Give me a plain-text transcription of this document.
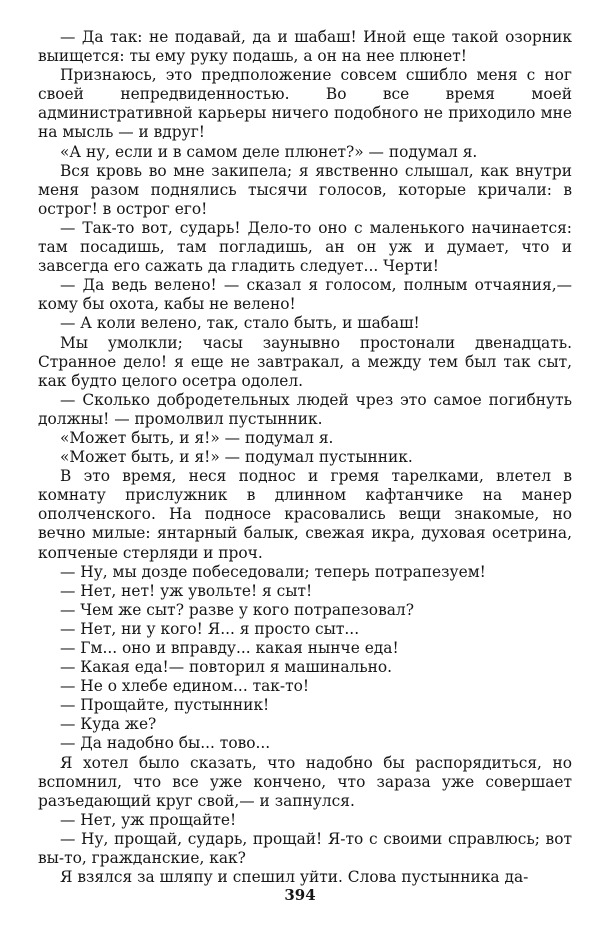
— Да так: не подавай, да и шабаш! Иной еще такой озорник выищется: ты ему руку подашь, а он на нее плюнет!

Признаюсь, это предположение совсем сшибло меня с ног своей непредвиденностью. Во все время моей административной карьеры ничего подобного не приходило мне на мысль — и вдруг!

«А ну, если и в самом деле плюнет?» — подумал я.

Вся кровь во мне закипела; я явственно слышал, как внутри меня разом поднялись тысячи голосов, которые кричали: в острог! в острог его!

— Так-то вот, сударь! Дело-то оно с маленького начинается: там посадишь, там погладишь, ан он уж и думает, что и завсегда его сажать да гладить следует... Черти!

— Да ведь велено! — сказал я голосом, полным отчаяния,— кому бы охота, кабы не велено!

— А коли велено, так, стало быть, и шабаш!

Мы умолкли; часы заунывно простонали двенадцать. Странное дело! я еще не завтракал, а между тем был так сыт, как будто целого осетра одолел.

— Сколько добродетельных людей чрез это самое погибнуть должны! — промолвил пустынник.

«Может быть, и я!» — подумал я.

«Может быть, и я!» — подумал пустынник.

В это время, неся поднос и гремя тарелками, влетел в комнату прислужник в длинном кафтанчике на манер ополченского. На подносе красовались вещи знакомые, но вечно милые: янтарный балык, свежая икра, духовая осетрина, копченые стерляди и проч.

— Ну, мы дозде побеседовали; теперь потрапезуем!

— Нет, нет! уж увольте! я сыт!

— Чем же сыт? разве у кого потрапезовал?

— Нет, ни у кого! Я... я просто сыт...

— Гм... оно и вправду... какая нынче еда!

— Какая еда!— повторил я машинально.

— Не о хлебе едином... так-то!

— Прощайте, пустынник!

— Куда же?

— Да надобно бы... тово...

Я хотел было сказать, что надобно бы распорядиться, но вспомнил, что все уже кончено, что зараза уже совершает разъедающий круг свой,— и запнулся.

— Нет, уж прощайте!

— Ну, прощай, сударь, прощай! Я-то с своими справлюсь; вот вы-то, гражданские, как?

Я взялся за шляпу и спешил уйти. Слова пустынника да-

394
